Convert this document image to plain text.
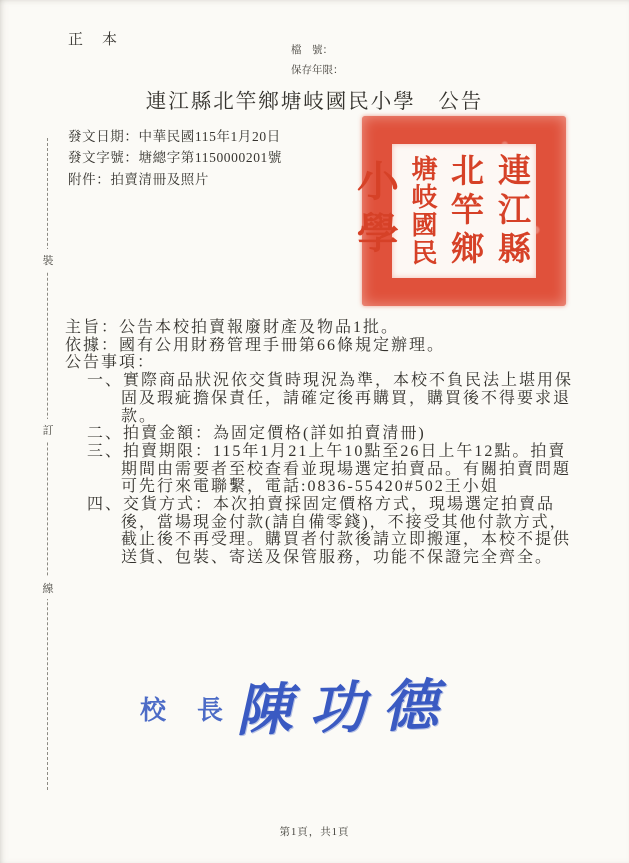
正　本
檔　號：
保存年限：
連江縣北竿鄉塘岐國民小學　公告
發文日期：中華民國115年1月20日
發文字號：塘總字第1150000201號
附件：拍賣清冊及照片	連江縣
北竿鄉
塘岐國民
小學
裝
訂
線
主旨：公告本校拍賣報廢財產及物品1批。
依據：國有公用財務管理手冊第66條規定辦理。
公告事項：
一、實際商品狀況依交貨時現況為準，本校不負民法上堪用保固及瑕疵擔保責任，請確定後再購買，購買後不得要求退款。
二、拍賣金額：為固定價格(詳如拍賣清冊)
三、拍賣期限：115年1月21上午10點至26日上午12點。拍賣期間由需要者至校查看並現場選定拍賣品。有關拍賣問題可先行來電聯繫，電話:0836-55420#502王小姐
四、交貨方式：本次拍賣採固定價格方式，現場選定拍賣品後，當場現金付款(請自備零錢)，不接受其他付款方式，截止後不再受理。購買者付款後請立即搬運，本校不提供送貨、包裝、寄送及保管服務，功能不保證完全齊全。
校長
陳功德
第1頁，共1頁
